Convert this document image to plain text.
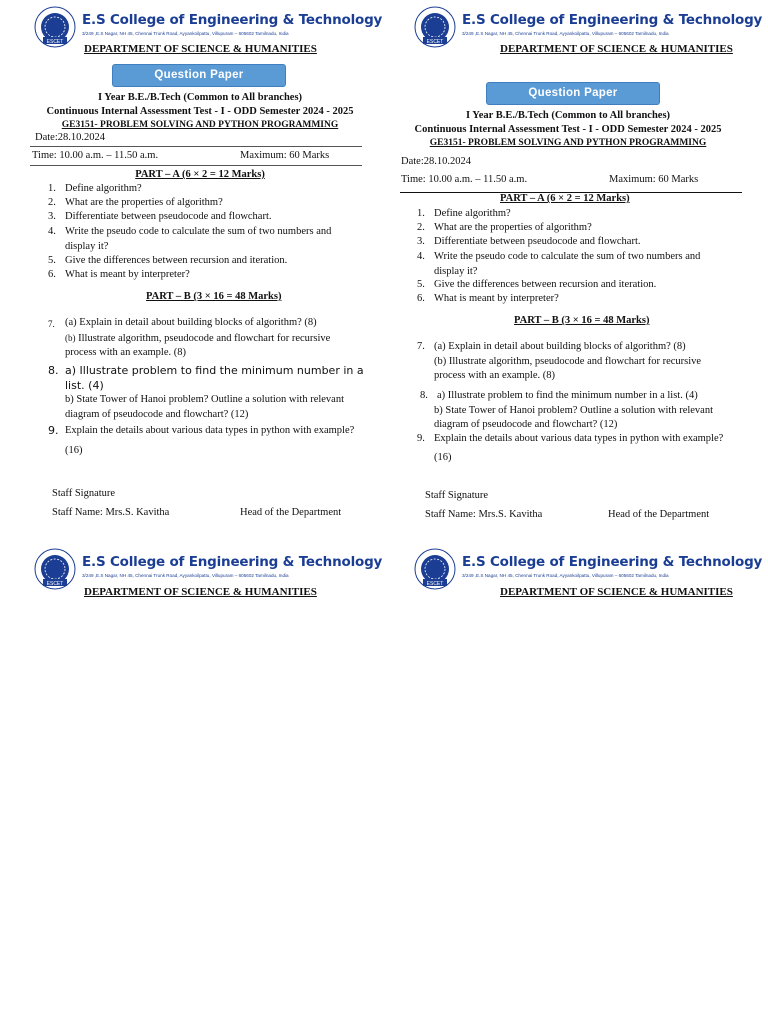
ESCET
E.S College of Engineering & Technology
3/249 ,E.S Nagar, NH 45, Chennai Trunk Road, Ayyankoilpattu, Villupuram – 605602 Tamilnadu, India
DEPARTMENT OF SCIENCE & HUMANITIES
Question Paper
I Year B.E./B.Tech (Common to All branches)
Continuous Internal Assessment Test - I - ODD Semester 2024 - 2025
GE3151- PROBLEM SOLVING AND PYTHON PROGRAMMING
Date:28.10.2024
Time: 10.00 a.m. – 11.50 a.m.	Maximum: 60 Marks
PART – A (6 × 2 = 12 Marks)
1. Define algorithm?
2. What are the properties of algorithm?
3. Differentiate between pseudocode and flowchart.
4. Write the pseudo code to calculate the sum of two numbers and
display it?
5. Give the differences between recursion and iteration.
6. What is meant by interpreter?
PART – B (3 × 16 = 48 Marks)
7. (a) Explain in detail about building blocks of algorithm? (8)
(b) Illustrate algorithm, pseudocode and flowchart for recursive
process with an example. (8)
8. a) Illustrate problem to find the minimum number in a
list. (4)
b) State Tower of Hanoi problem? Outline a solution with relevant
diagram of pseudocode and flowchart? (12)
9. Explain the details about various data types in python with example?
(16)
Staff Signature
Staff Name: Mrs.S. Kavitha	Head of the Department
ESCET
E.S College of Engineering & Technology
3/249 ,E.S Nagar, NH 45, Chennai Trunk Road, Ayyankoilpattu, Villupuram – 605602 Tamilnadu, India
DEPARTMENT OF SCIENCE & HUMANITIES
Question Paper
I Year B.E./B.Tech (Common to All branches)
Continuous Internal Assessment Test - I - ODD Semester 2024 - 2025
GE3151- PROBLEM SOLVING AND PYTHON PROGRAMMING
Date:28.10.2024
Time: 10.00 a.m. – 11.50 a.m.	Maximum: 60 Marks
PART – A (6 × 2 = 12 Marks)
1. Define algorithm?
2. What are the properties of algorithm?
3. Differentiate between pseudocode and flowchart.
4. Write the pseudo code to calculate the sum of two numbers and
display it?
5. Give the differences between recursion and iteration.
6. What is meant by interpreter?
PART – B (3 × 16 = 48 Marks)
7. (a) Explain in detail about building blocks of algorithm? (8)
(b) Illustrate algorithm, pseudocode and flowchart for recursive
process with an example. (8)
8. a) Illustrate problem to find the minimum number in a list. (4)
b) State Tower of Hanoi problem? Outline a solution with relevant
diagram of pseudocode and flowchart? (12)
9. Explain the details about various data types in python with example?
(16)
Staff Signature
Staff Name: Mrs.S. Kavitha	Head of the Department
ESCET
E.S College of Engineering & Technology
3/249 ,E.S Nagar, NH 45, Chennai Trunk Road, Ayyankoilpattu, Villupuram – 605602 Tamilnadu, India
DEPARTMENT OF SCIENCE & HUMANITIES
ESCET
E.S College of Engineering & Technology
3/249 ,E.S Nagar, NH 45, Chennai Trunk Road, Ayyankoilpattu, Villupuram – 605602 Tamilnadu, India
DEPARTMENT OF SCIENCE & HUMANITIES
